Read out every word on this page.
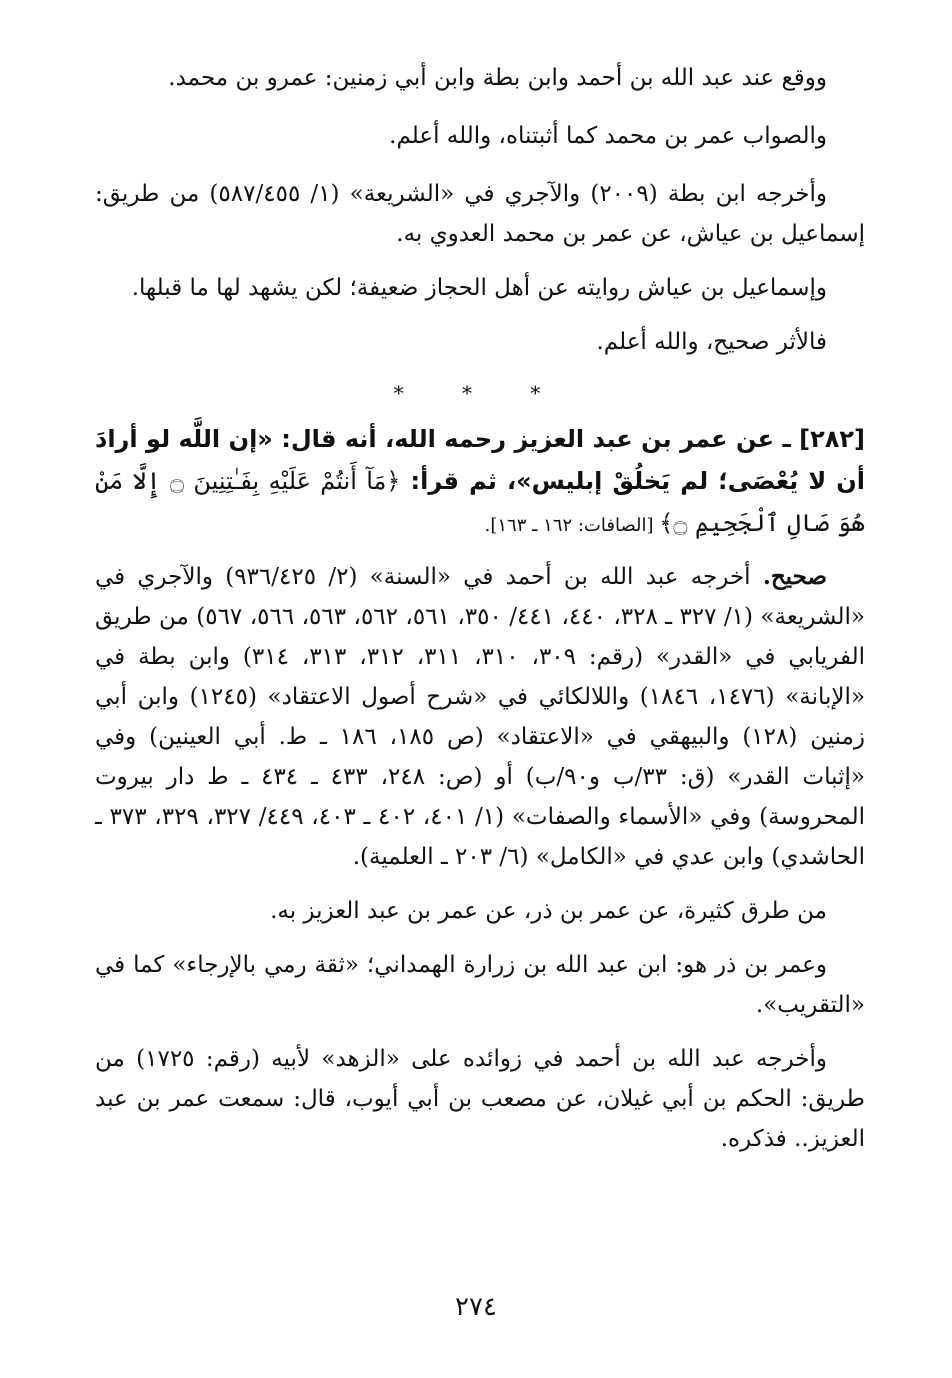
ووقع عند عبد الله بن أحمد وابن بطة وابن أبي زمنين: عمرو بن محمد.

والصواب عمر بن محمد كما أثبتناه، والله أعلم.

وأخرجه ابن بطة (٢٠٠٩) والآجري في «الشريعة» (١/ ٥٨٧/٤٥٥) من طريق: إسماعيل بن عياش، عن عمر بن محمد العدوي به.

وإسماعيل بن عياش روايته عن أهل الحجاز ضعيفة؛ لكن يشهد لها ما قبلها.

فالأثر صحيح، والله أعلم.

* * *

[٢٨٢] ـ عن عمر بن عبد العزيز رحمه الله، أنه قال: «إن اللَّه لو أرادَ أن لا يُعْصَى؛ لم يَخلُقْ إبليس»، ثم قرأ: ﴿مَآ أَنتُمْ عَلَيْهِ بِفَـٰتِنِينَ ۝ إِلَّا مَنْ هُوَ صَالِ ٱلْجَحِيمِ ۝﴾ [الصافات: ١٦٢ ـ ١٦٣].

صحيح. أخرجه عبد الله بن أحمد في «السنة» (٢/ ٩٣٦/٤٢٥) والآجري في «الشريعة» (١/ ٣٢٧ ـ ٣٢٨، ٤٤٠، ٤٤١/ ٣٥٠، ٥٦١، ٥٦٢، ٥٦٣، ٥٦٦، ٥٦٧) من طريق الفريابي في «القدر» (رقم: ٣٠٩، ٣١٠، ٣١١، ٣١٢، ٣١٣، ٣١٤) وابن بطة في «الإبانة» (١٤٧٦، ١٨٤٦) واللالكائي في «شرح أصول الاعتقاد» (١٢٤٥) وابن أبي زمنين (١٢٨) والبيهقي في «الاعتقاد» (ص ١٨٥، ١٨٦ ـ ط. أبي العينين) وفي «إثبات القدر» (ق: ٣٣/ب و٩٠/ب) أو (ص: ٢٤٨، ٤٣٣ ـ ٤٣٤ ـ ط دار بيروت المحروسة) وفي «الأسماء والصفات» (١/ ٤٠١، ٤٠٢ ـ ٤٠٣، ٤٤٩/ ٣٢٧، ٣٢٩، ٣٧٣ ـ الحاشدي) وابن عدي في «الكامل» (٦/ ٢٠٣ ـ العلمية).

من طرق كثيرة، عن عمر بن ذر، عن عمر بن عبد العزيز به.

وعمر بن ذر هو: ابن عبد الله بن زرارة الهمداني؛ «ثقة رمي بالإرجاء» كما في «التقريب».

وأخرجه عبد الله بن أحمد في زوائده على «الزهد» لأبيه (رقم: ١٧٢٥) من طريق: الحكم بن أبي غيلان، عن مصعب بن أبي أيوب، قال: سمعت عمر بن عبد العزيز.. فذكره.

٢٧٤
